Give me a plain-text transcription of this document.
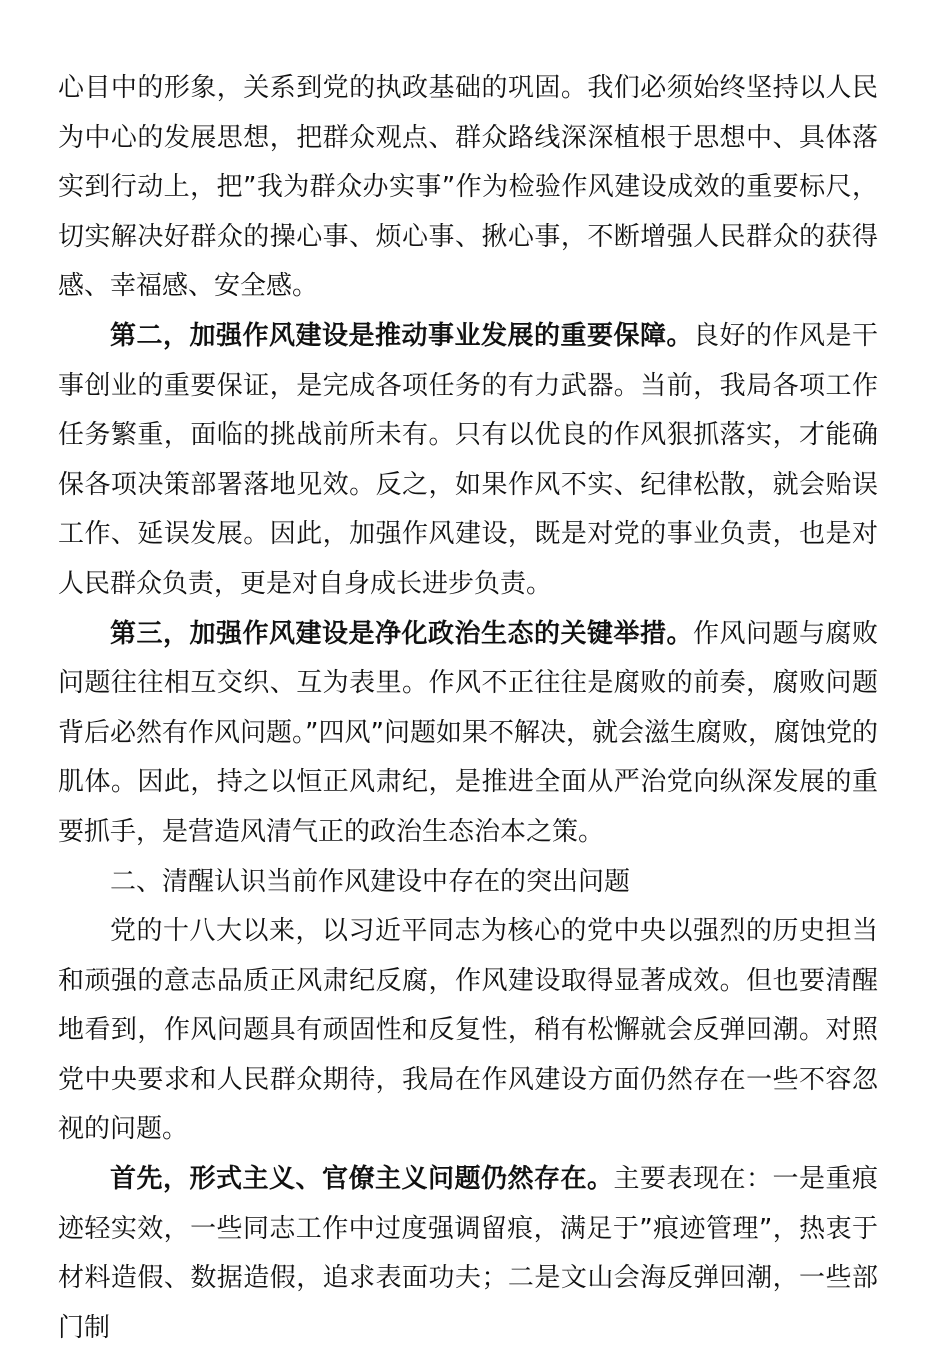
心目中的形象，关系到党的执政基础的巩固。我们必须始终坚持以人民为中心的发展思想，把群众观点、群众路线深深植根于思想中、具体落实到行动上，把”我为群众办实事”作为检验作风建设成效的重要标尺，切实解决好群众的操心事、烦心事、揪心事，不断增强人民群众的获得感、幸福感、安全感。

第二，加强作风建设是推动事业发展的重要保障。良好的作风是干事创业的重要保证，是完成各项任务的有力武器。当前，我局各项工作任务繁重，面临的挑战前所未有。只有以优良的作风狠抓落实，才能确保各项决策部署落地见效。反之，如果作风不实、纪律松散，就会贻误工作、延误发展。因此，加强作风建设，既是对党的事业负责，也是对人民群众负责，更是对自身成长进步负责。

第三，加强作风建设是净化政治生态的关键举措。作风问题与腐败问题往往相互交织、互为表里。作风不正往往是腐败的前奏，腐败问题背后必然有作风问题。”四风”问题如果不解决，就会滋生腐败，腐蚀党的肌体。因此，持之以恒正风肃纪，是推进全面从严治党向纵深发展的重要抓手，是营造风清气正的政治生态治本之策。

二、清醒认识当前作风建设中存在的突出问题

党的十八大以来，以习近平同志为核心的党中央以强烈的历史担当和顽强的意志品质正风肃纪反腐，作风建设取得显著成效。但也要清醒地看到，作风问题具有顽固性和反复性，稍有松懈就会反弹回潮。对照党中央要求和人民群众期待，我局在作风建设方面仍然存在一些不容忽视的问题。

首先，形式主义、官僚主义问题仍然存在。主要表现在：一是重痕迹轻实效，一些同志工作中过度强调留痕，满足于”痕迹管理”，热衷于材料造假、数据造假，追求表面功夫；二是文山会海反弹回潮，一些部门制
